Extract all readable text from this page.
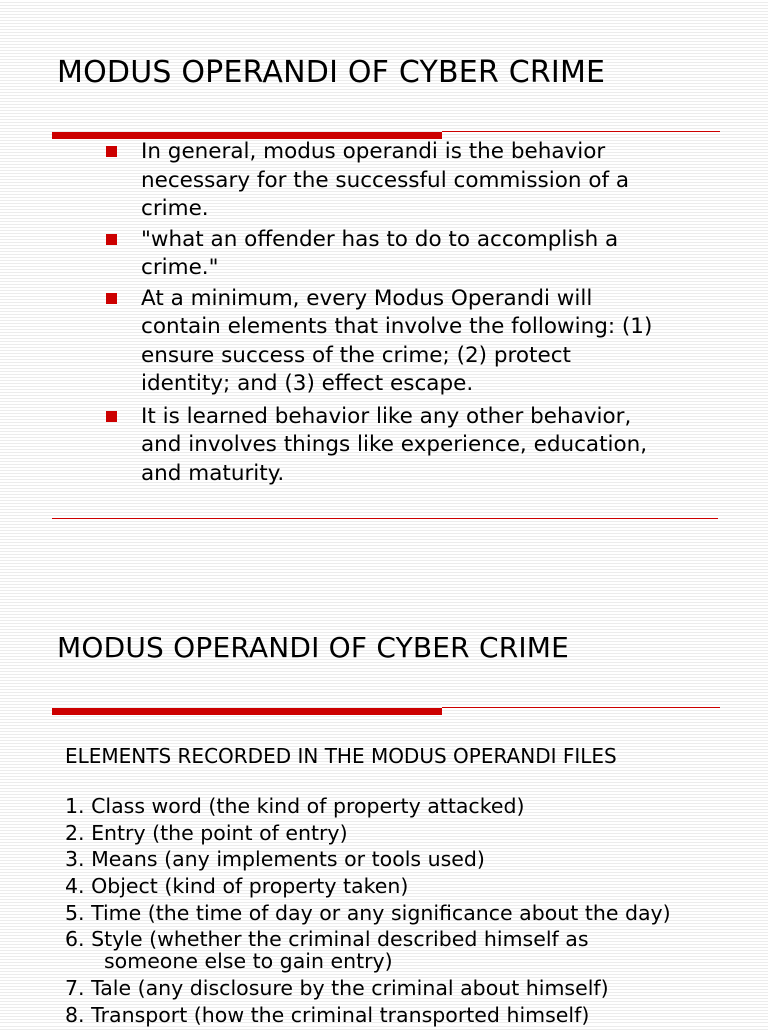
MODUS OPERANDI OF CYBER CRIME
In general, modus operandi is the behavior
necessary for the successful commission of a
crime.
"what an offender has to do to accomplish a
crime."
At a minimum, every Modus Operandi will
contain elements that involve the following: (1)
ensure success of the crime; (2) protect
identity; and (3) effect escape.
It is learned behavior like any other behavior,
and involves things like experience, education,
and maturity.
MODUS OPERANDI OF CYBER CRIME

ELEMENTS RECORDED IN THE MODUS OPERANDI FILES

1. Class word (the kind of property attacked)
2. Entry (the point of entry)
3. Means (any implements or tools used)
4. Object (kind of property taken)
5. Time (the time of day or any significance about the day)
6. Style (whether the criminal described himself as
someone else to gain entry)
7. Tale (any disclosure by the criminal about himself)
8. Transport (how the criminal transported himself)
